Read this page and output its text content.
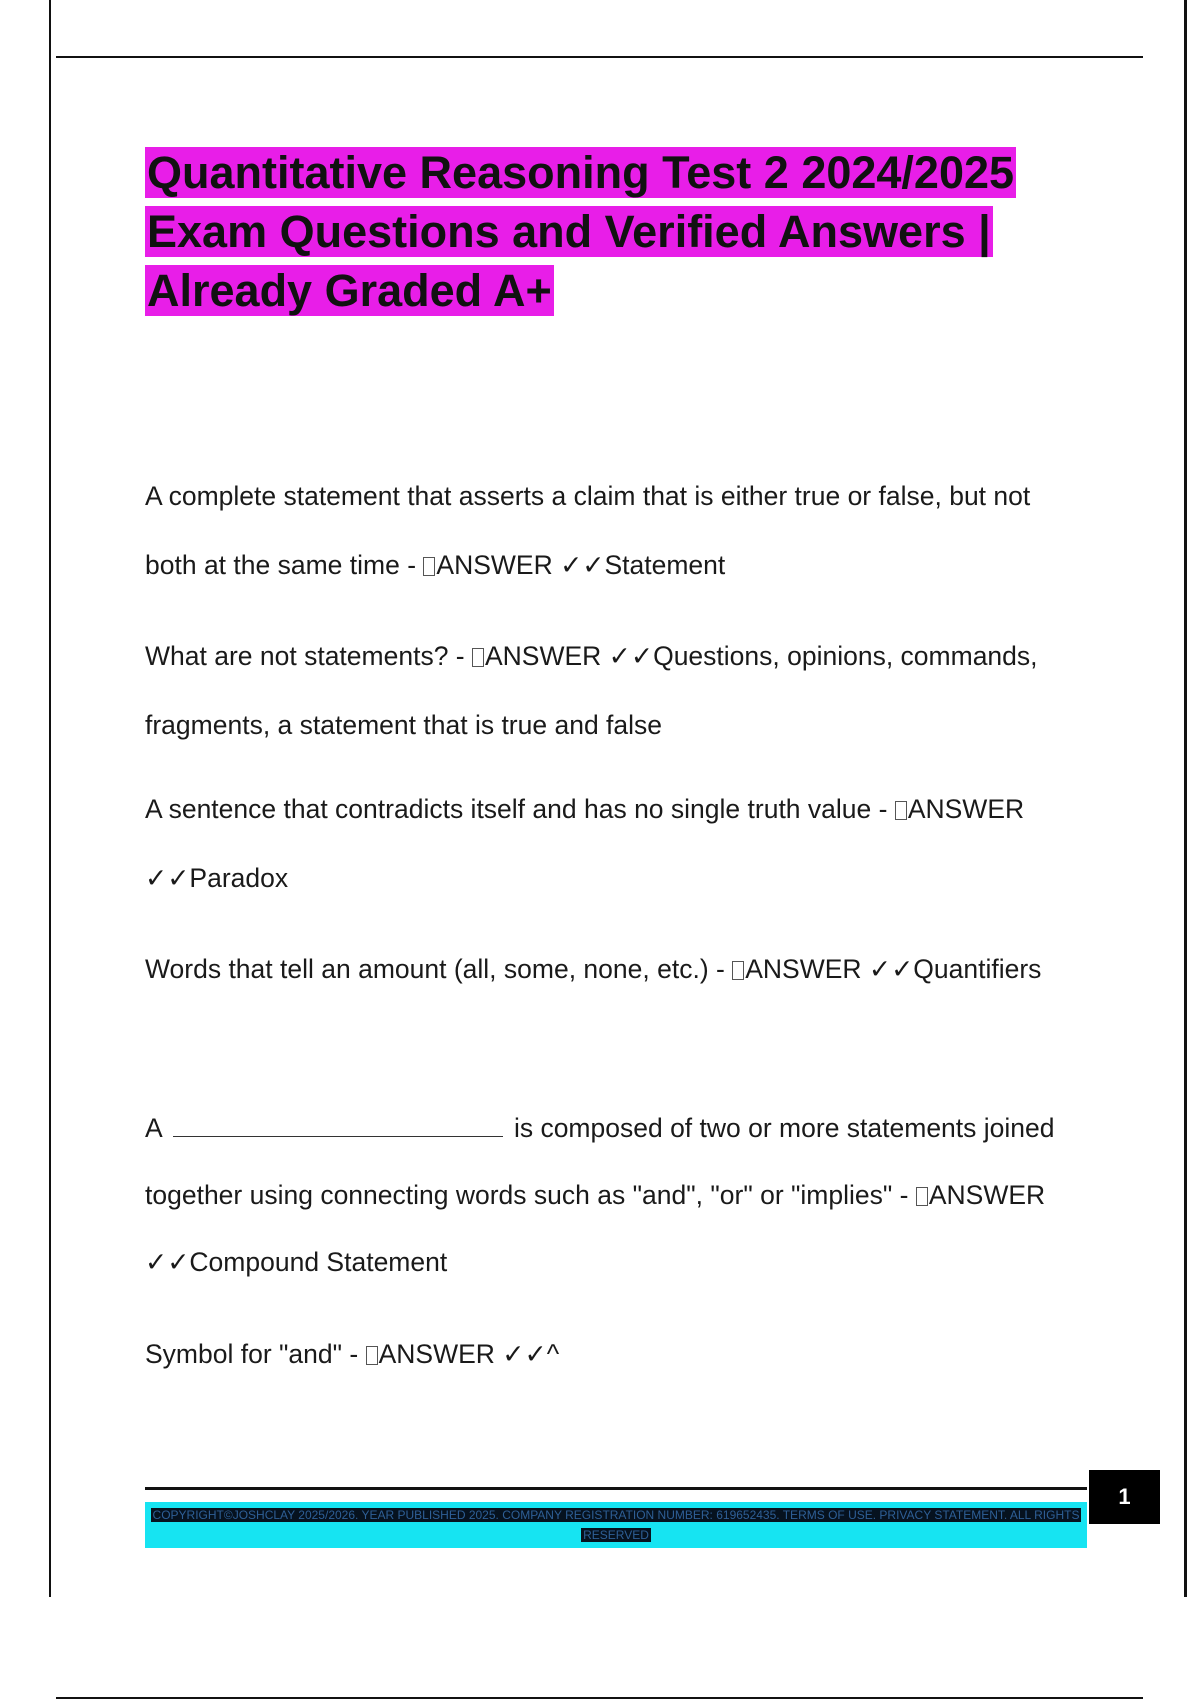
Quantitative Reasoning Test 2 2024/2025
Exam Questions and Verified Answers |
Already Graded A+

A complete statement that asserts a claim that is either true or false, but not both at the same time - ANSWER ✓✓Statement

What are not statements? - ANSWER ✓✓Questions, opinions, commands, fragments, a statement that is true and false

A sentence that contradicts itself and has no single truth value - ANSWER ✓✓Paradox

Words that tell an amount (all, some, none, etc.) - ANSWER ✓✓Quantifiers

A	is composed of two or more statements joined together using connecting words such as "and", "or" or "implies" - ANSWER ✓✓Compound Statement

Symbol for "and" - ANSWER ✓✓^

1
COPYRIGHT©JOSHCLAY 2025/2026. YEAR PUBLISHED 2025. COMPANY REGISTRATION NUMBER: 619652435. TERMS OF USE. PRIVACY STATEMENT. ALL RIGHTS RESERVED
